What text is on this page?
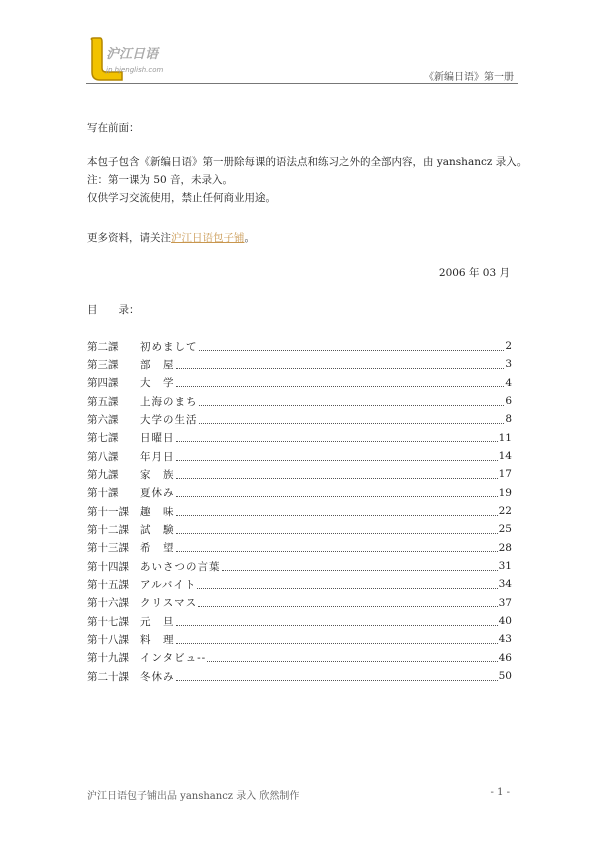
沪江日语
jp.hjenglish.com
《新编日语》第一册
写在前面：
本包子包含《新编日语》第一册除每课的语法点和练习之外的全部内容，由 yanshancz 录入。
注：第一课为 50 音，未录入。
仅供学习交流使用，禁止任何商业用途。
更多资料，请关注沪江日语包子铺。
2006 年 03 月
目　　录：
第二課	初めまして	2
第三課	部　屋	3
第四課	大　学	4
第五課	上海のまち	6
第六課	大学の生活	8
第七課	日曜日	11
第八課	年月日	14
第九課	家　族	17
第十課	夏休み	19
第十一課	趣　味	22
第十二課	試　験	25
第十三課	希　望	28
第十四課	あいさつの言葉	31
第十五課	アルバイト	34
第十六課	クリスマス	37
第十七課	元　旦	40
第十八課	料　理	43
第十九課	インタビュ--	46
第二十課	冬休み	50
沪江日语包子铺出品 yanshancz 录入 欣然制作	- 1 -
